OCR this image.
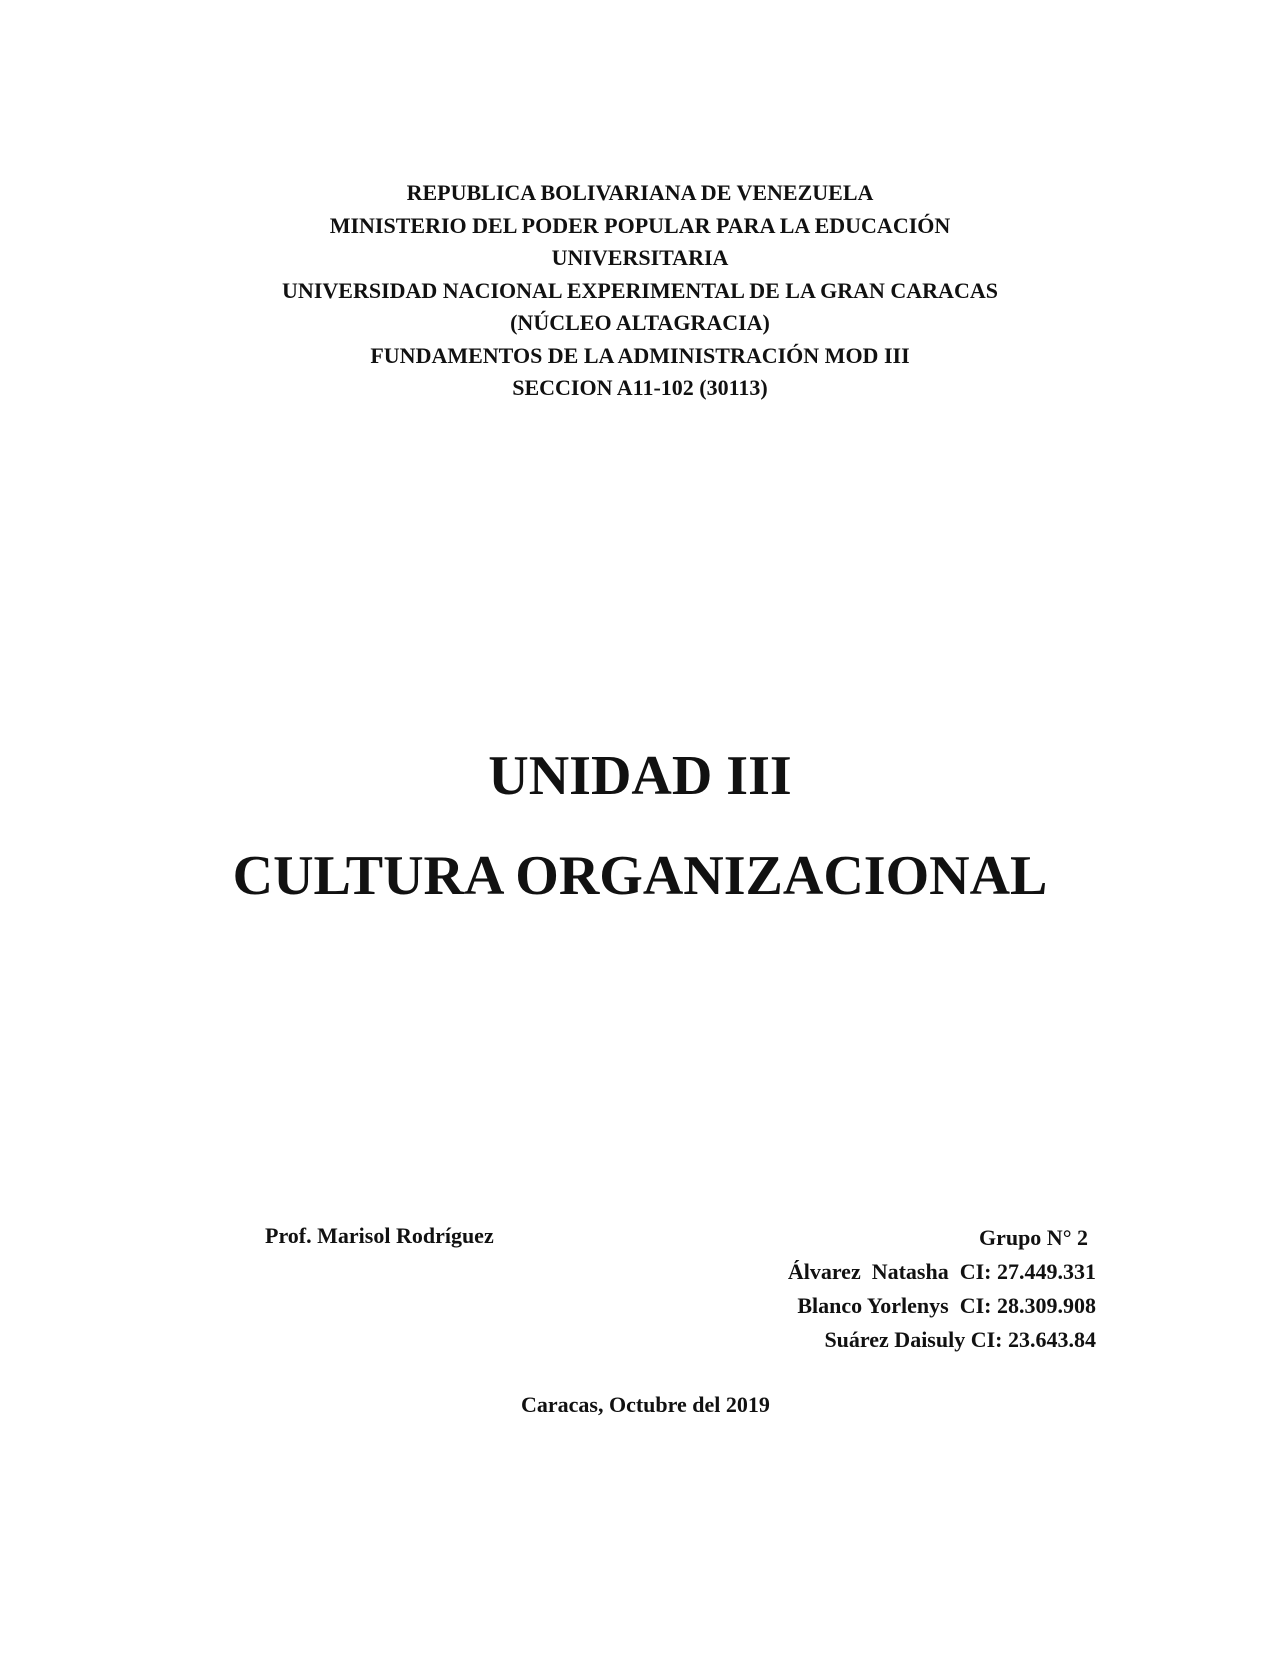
REPUBLICA BOLIVARIANA DE VENEZUELA
MINISTERIO DEL PODER POPULAR PARA LA EDUCACIÓN
UNIVERSITARIA
UNIVERSIDAD NACIONAL EXPERIMENTAL DE LA GRAN CARACAS
(NÚCLEO ALTAGRACIA)
FUNDAMENTOS DE LA ADMINISTRACIÓN MOD III
SECCION A11-102 (30113)
UNIDAD III
CULTURA ORGANIZACIONAL
Prof. Marisol Rodríguez	Grupo N° 2
Álvarez  Natasha  CI: 27.449.331
Blanco Yorlenys  CI: 28.309.908
Suárez Daisuly CI: 23.643.84
Caracas, Octubre del 2019
